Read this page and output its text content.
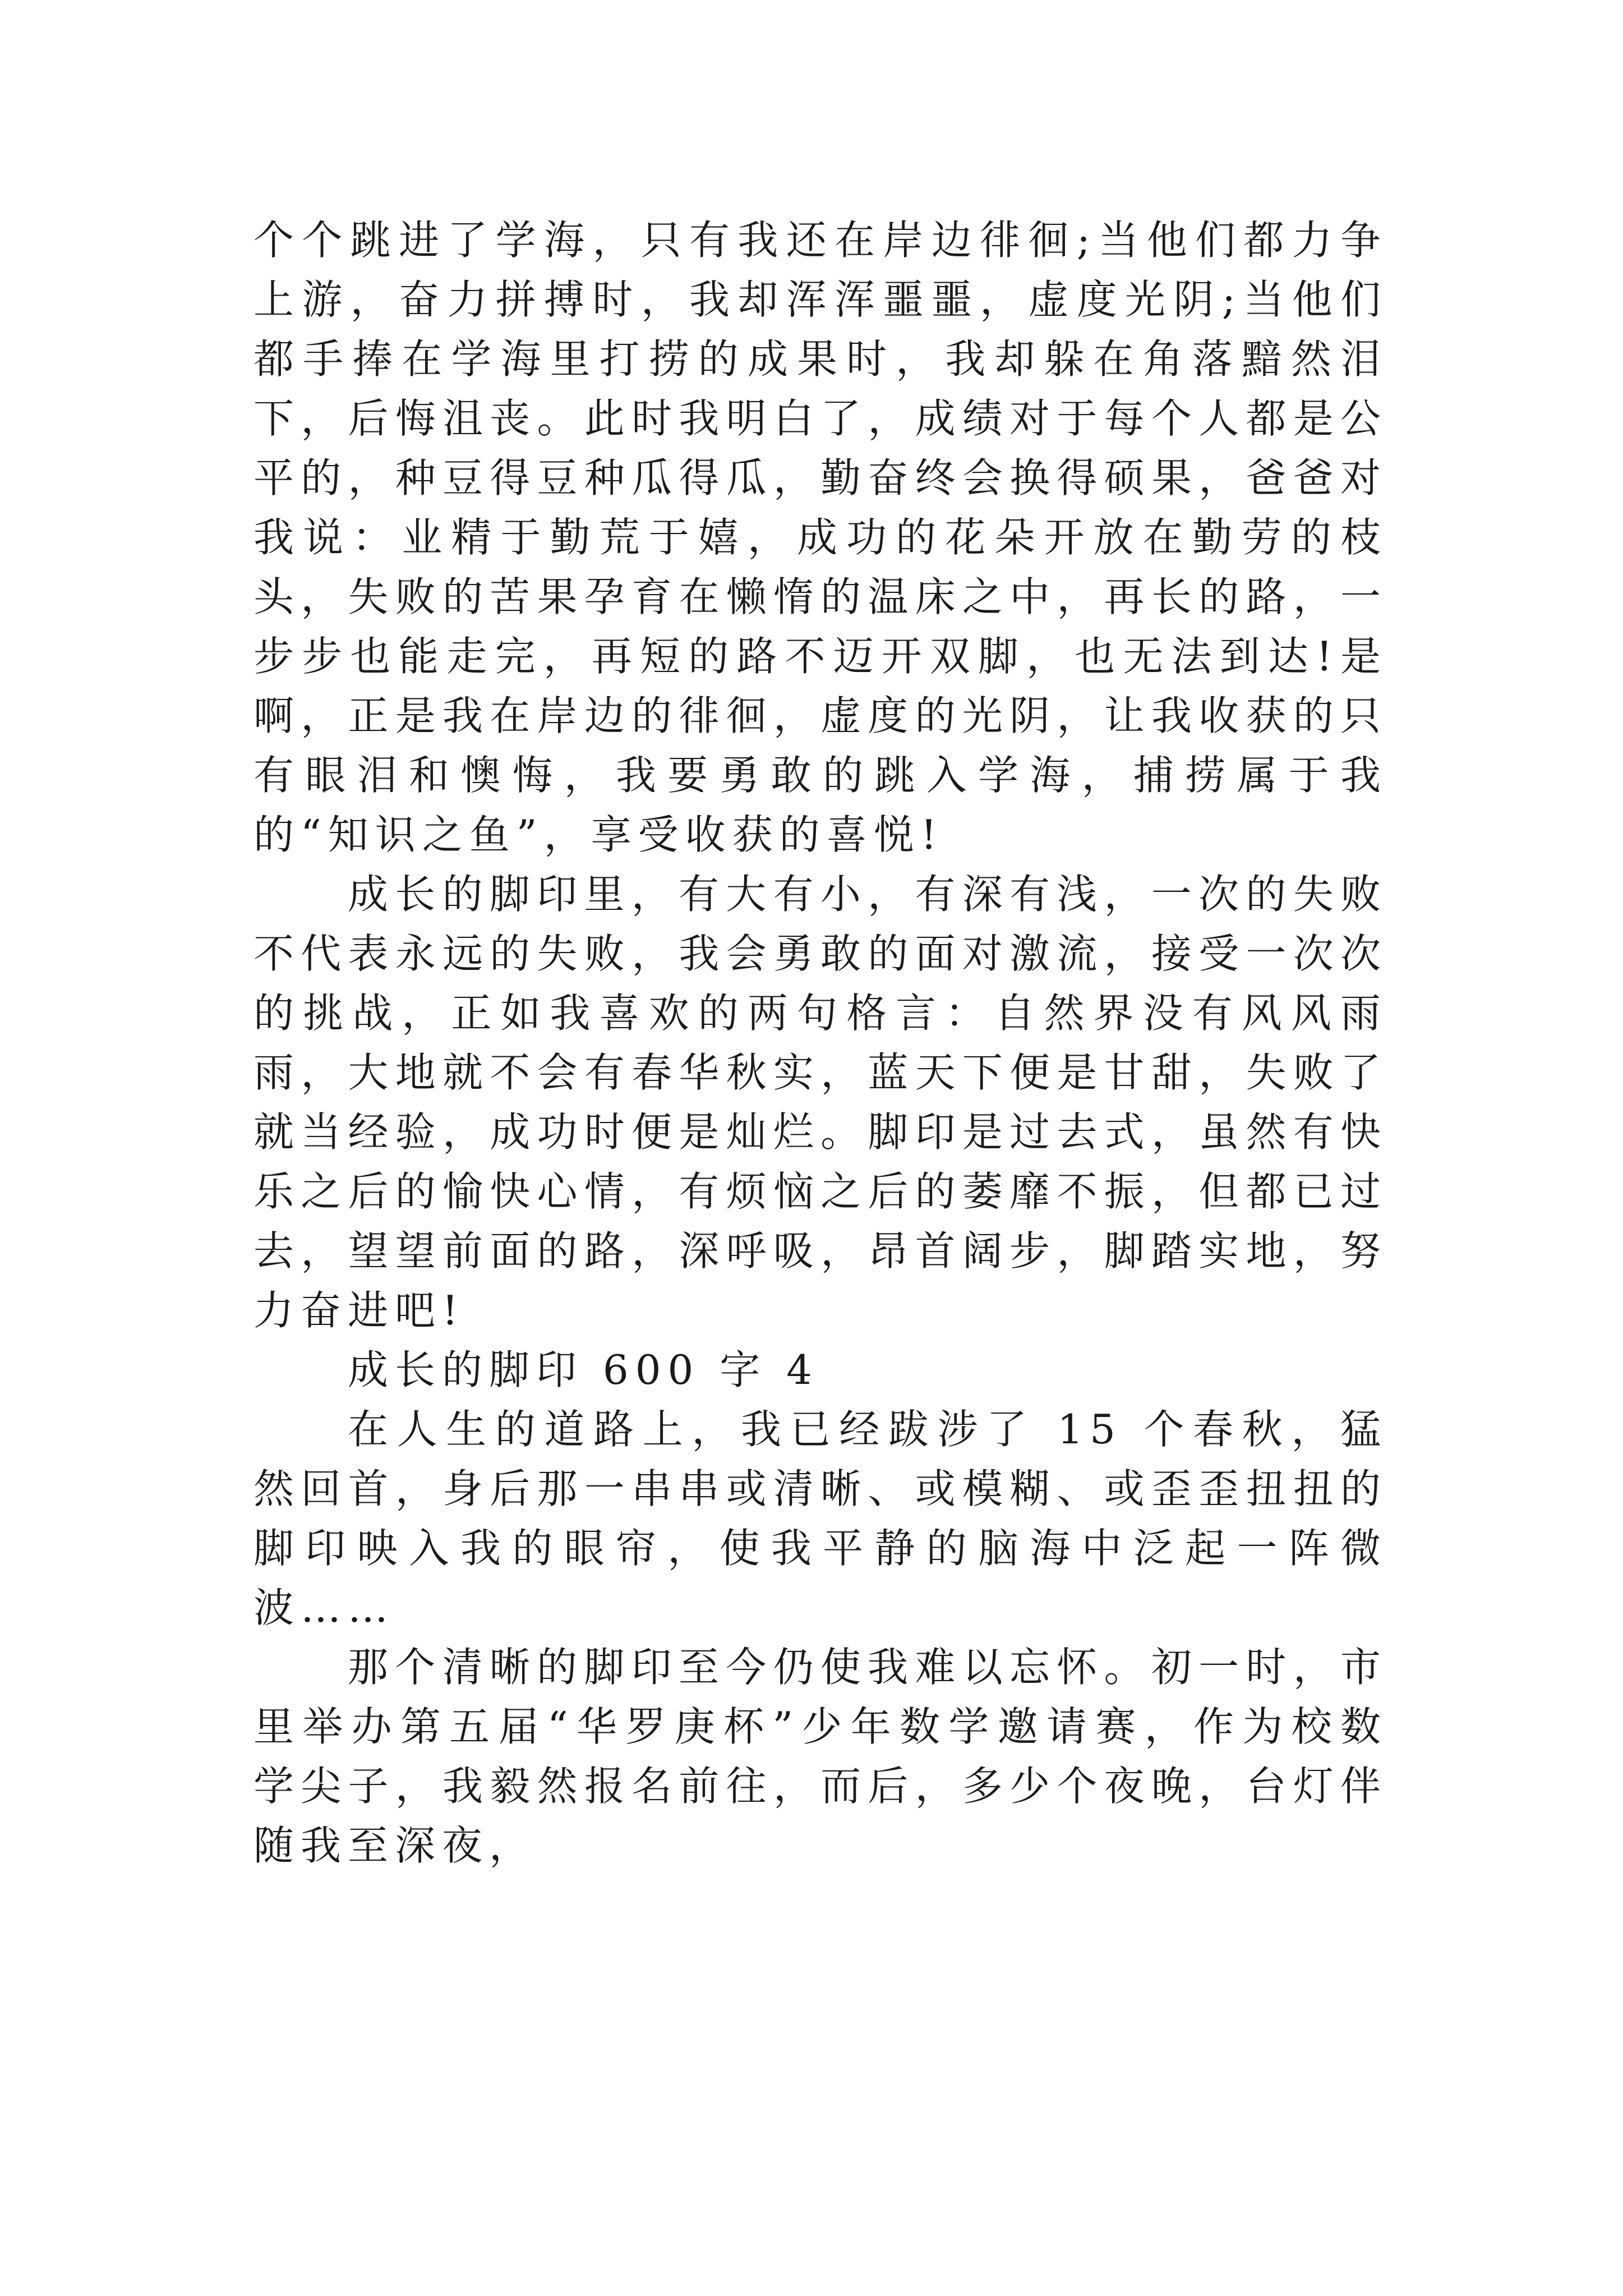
个个跳进了学海，只有我还在岸边徘徊;当他们都力争上游，奋力拼搏时，我却浑浑噩噩，虚度光阴;当他们都手捧在学海里打捞的成果时，我却躲在角落黯然泪下，后悔沮丧。此时我明白了，成绩对于每个人都是公平的，种豆得豆种瓜得瓜，勤奋终会换得硕果，爸爸对我说：业精于勤荒于嬉，成功的花朵开放在勤劳的枝头，失败的苦果孕育在懒惰的温床之中，再长的路，一步步也能走完，再短的路不迈开双脚，也无法到达!是啊，正是我在岸边的徘徊，虚度的光阴，让我收获的只有眼泪和懊悔，我要勇敢的跳入学海，捕捞属于我的“知识之鱼”，享受收获的喜悦!

成长的脚印里，有大有小，有深有浅，一次的失败不代表永远的失败，我会勇敢的面对激流，接受一次次的挑战，正如我喜欢的两句格言：自然界没有风风雨雨，大地就不会有春华秋实，蓝天下便是甘甜，失败了就当经验，成功时便是灿烂。脚印是过去式，虽然有快乐之后的愉快心情，有烦恼之后的萎靡不振，但都已过去，望望前面的路，深呼吸，昂首阔步，脚踏实地，努力奋进吧!

成长的脚印 600 字 4

在人生的道路上，我已经跋涉了 15 个春秋，猛然回首，身后那一串串或清晰、或模糊、或歪歪扭扭的脚印映入我的眼帘，使我平静的脑海中泛起一阵微波……

那个清晰的脚印至今仍使我难以忘怀。初一时，市里举办第五届“华罗庚杯”少年数学邀请赛，作为校数学尖子，我毅然报名前往，而后，多少个夜晚，台灯伴随我至深夜，
